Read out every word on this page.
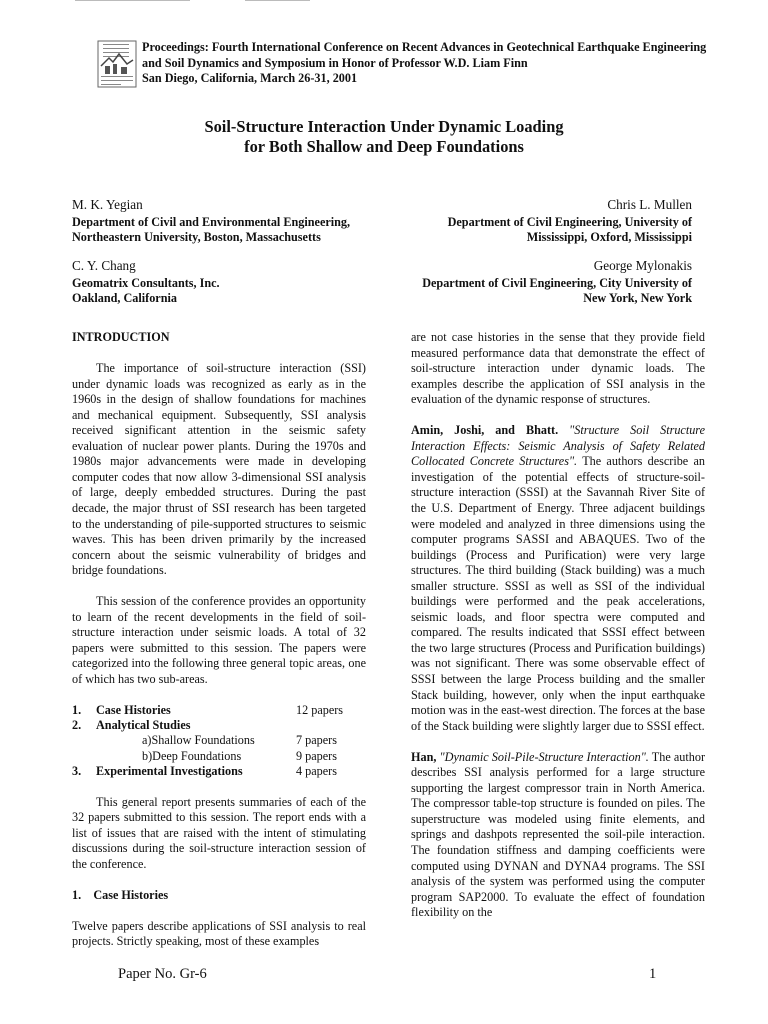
Proceedings: Fourth International Conference on Recent Advances in Geotechnical Earthquake Engineering
and Soil Dynamics and Symposium in Honor of Professor W.D. Liam Finn
San Diego, California, March 26-31, 2001
Soil-Structure Interaction Under Dynamic Loading
for Both Shallow and Deep Foundations
M. K. Yegian
Department of Civil and Environmental Engineering,
Northeastern University, Boston, Massachusetts
Chris L. Mullen
Department of Civil Engineering, University of
Mississippi, Oxford, Mississippi
C. Y. Chang
Geomatrix Consultants, Inc.
Oakland, California
George Mylonakis
Department of Civil Engineering, City University of
New York, New York

INTRODUCTION

The importance of soil-structure interaction (SSI) under dynamic loads was recognized as early as in the 1960s in the design of shallow foundations for machines and mechanical equipment. Subsequently, SSI analysis received significant attention in the seismic safety evaluation of nuclear power plants. During the 1970s and 1980s major advancements were made in developing computer codes that now allow 3-dimensional SSI analysis of large, deeply embedded structures. During the past decade, the major thrust of SSI research has been targeted to the understanding of pile-supported structures to seismic waves. This has been driven primarily by the increased concern about the seismic vulnerability of bridges and bridge foundations.

This session of the conference provides an opportunity to learn of the recent developments in the field of soil-structure interaction under seismic loads. A total of 32 papers were submitted to this session. The papers were categorized into the following three general topic areas, one of which has two sub-areas.

1.	Case Histories	12 papers
2.	Analytical Studies	
	a)Shallow Foundations	7 papers
	b)Deep Foundations	9 papers
3.	Experimental Investigations	4 papers

This general report presents summaries of each of the 32 papers submitted to this session. The report ends with a list of issues that are raised with the intent of stimulating discussions during the soil-structure interaction session of the conference.

1. Case Histories

Twelve papers describe applications of SSI analysis to real projects. Strictly speaking, most of these examples

are not case histories in the sense that they provide field measured performance data that demonstrate the effect of soil-structure interaction under dynamic loads. The examples describe the application of SSI analysis in the evaluation of the dynamic response of structures.

Amin, Joshi, and Bhatt. "Structure Soil Structure Interaction Effects: Seismic Analysis of Safety Related Collocated Concrete Structures". The authors describe an investigation of the potential effects of structure-soil-structure interaction (SSSI) at the Savannah River Site of the U.S. Department of Energy. Three adjacent buildings were modeled and analyzed in three dimensions using the computer programs SASSI and ABAQUES. Two of the buildings (Process and Purification) were very large structures. The third building (Stack building) was a much smaller structure. SSSI as well as SSI of the individual buildings were performed and the peak accelerations, seismic loads, and floor spectra were computed and compared. The results indicated that SSSI effect between the two large structures (Process and Purification buildings) was not significant. There was some observable effect of SSSI between the large Process building and the smaller Stack building, however, only when the input earthquake motion was in the east-west direction. The forces at the base of the Stack building were slightly larger due to SSSI effect.

Han, "Dynamic Soil-Pile-Structure Interaction". The author describes SSI analysis performed for a large structure supporting the largest compressor train in North America. The compressor table-top structure is founded on piles. The superstructure was modeled using finite elements, and springs and dashpots represented the soil-pile interaction. The foundation stiffness and damping coefficients were computed using DYNAN and DYNA4 programs. The SSI analysis of the system was performed using the computer program SAP2000. To evaluate the effect of foundation flexibility on the

Paper No. Gr-6	1
